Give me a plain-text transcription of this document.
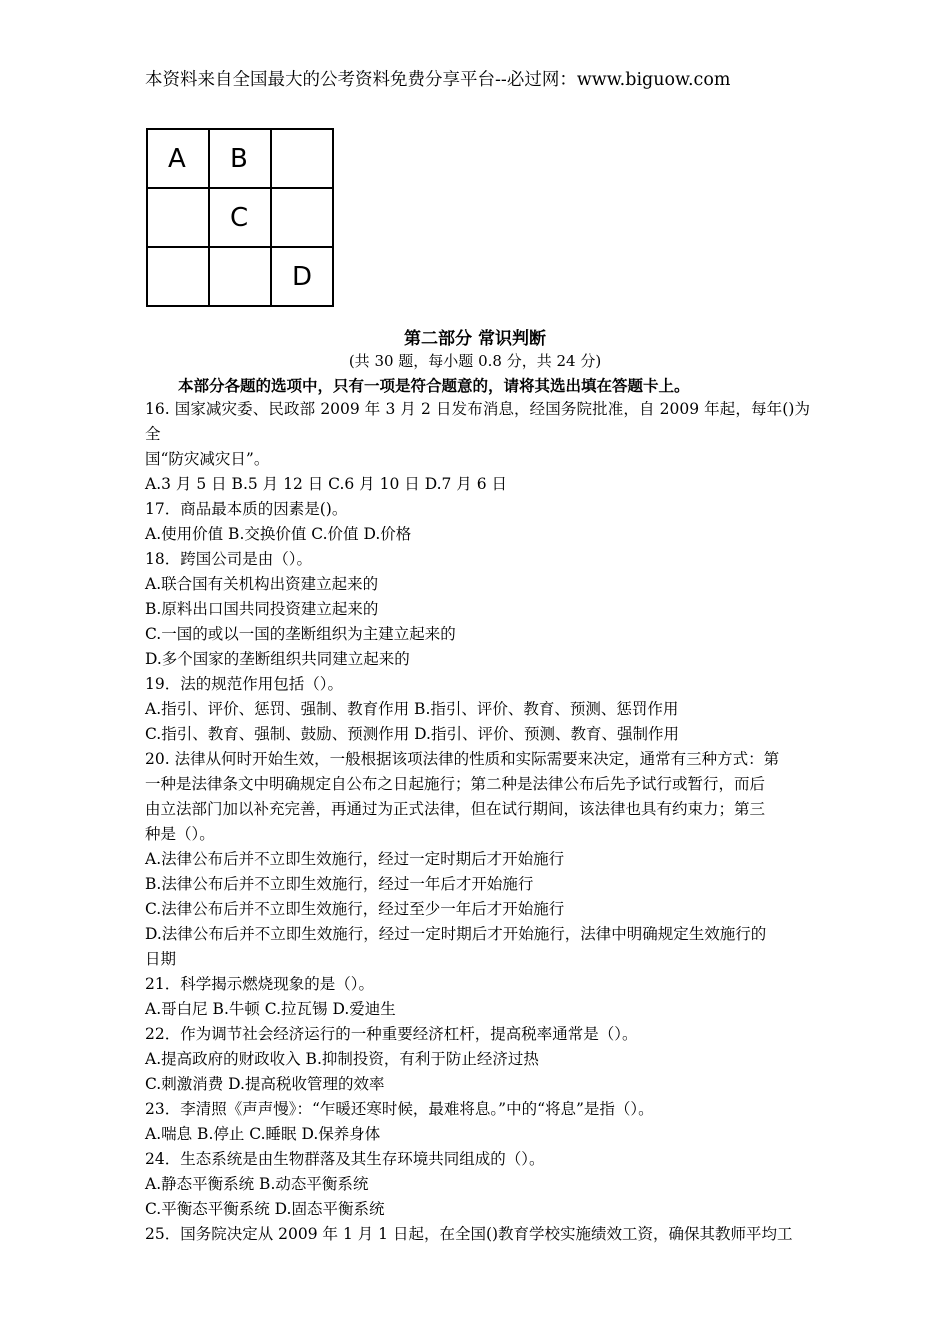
本资料来自全国最大的公考资料免费分享平台--必过网：www.biguow.com
A	B	
	C	
		D
第二部分 常识判断
(共 30 题，每小题 0.8 分，共 24 分)
本部分各题的选项中，只有一项是符合题意的，请将其选出填在答题卡上。

16. 国家减灾委、民政部 2009 年 3 月 2 日发布消息，经国务院批准，自 2009 年起，每年()为全

国“防灾减灾日”。

A.3 月 5 日 B.5 月 12 日 C.6 月 10 日 D.7 月 6 日

17．商品最本质的因素是()。

A.使用价值 B.交换价值 C.价值 D.价格

18．跨国公司是由（）。

A.联合国有关机构出资建立起来的

B.原料出口国共同投资建立起来的

C.一国的或以一国的垄断组织为主建立起来的

D.多个国家的垄断组织共同建立起来的

19．法的规范作用包括（）。

A.指引、评价、惩罚、强制、教育作用 B.指引、评价、教育、预测、惩罚作用

C.指引、教育、强制、鼓励、预测作用 D.指引、评价、预测、教育、强制作用

20. 法律从何时开始生效，一般根据该项法律的性质和实际需要来决定，通常有三种方式：第

一种是法律条文中明确规定自公布之日起施行；第二种是法律公布后先予试行或暂行，而后

由立法部门加以补充完善，再通过为正式法律，但在试行期间，该法律也具有约束力；第三

种是（）。

A.法律公布后并不立即生效施行，经过一定时期后才开始施行

B.法律公布后并不立即生效施行，经过一年后才开始施行

C.法律公布后并不立即生效施行，经过至少一年后才开始施行

D.法律公布后并不立即生效施行，经过一定时期后才开始施行，法律中明确规定生效施行的

日期

21．科学揭示燃烧现象的是（）。

A.哥白尼 B.牛顿 C.拉瓦锡 D.爱迪生

22．作为调节社会经济运行的一种重要经济杠杆，提高税率通常是（）。

A.提高政府的财政收入 B.抑制投资，有利于防止经济过热

C.刺激消费 D.提高税收管理的效率

23．李清照《声声慢》：“乍暖还寒时候，最难将息。”中的“将息”是指（）。

A.喘息 B.停止 C.睡眠 D.保养身体

24．生态系统是由生物群落及其生存环境共同组成的（）。

A.静态平衡系统 B.动态平衡系统

C.平衡态平衡系统 D.固态平衡系统

25．国务院决定从 2009 年 1 月 1 日起，在全国()教育学校实施绩效工资，确保其教师平均工
